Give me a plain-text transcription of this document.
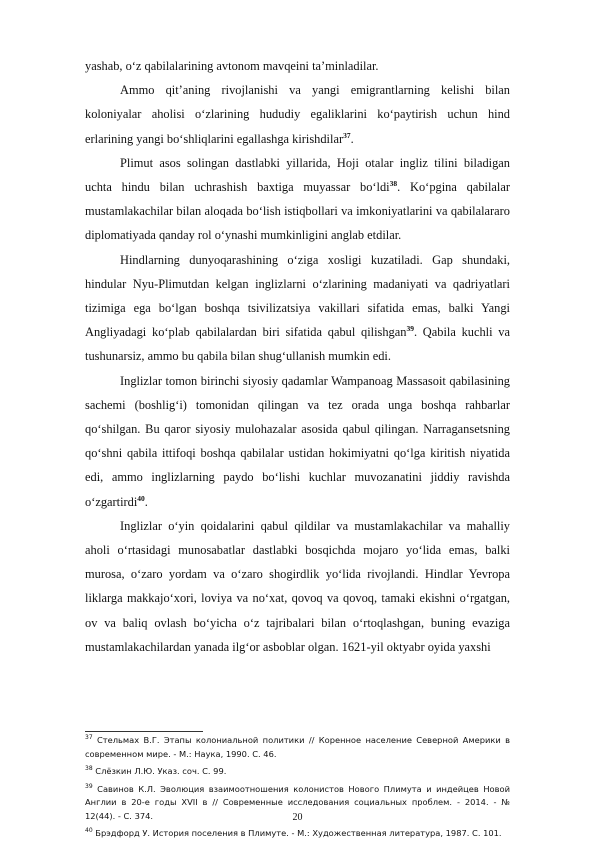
yashab, o‘z qabilalarining avtonom mavqeini ta’minladilar.

Ammo qit’aning rivojlanishi va yangi emigrantlarning kelishi bilan koloniyalar aholisi o‘zlarining hududiy egaliklarini ko‘paytirish uchun hind erlarining yangi bo‘shliqlarini egallashga kirishdilar$^{37}$.

Plimut asos solingan dastlabki yillarida, Hoji otalar ingliz tilini biladigan uchta hindu bilan uchrashish baxtiga muyassar bo‘ldi$^{38}$. Ko‘pgina qabilalar mustamlakachilar bilan aloqada bo‘lish istiqbollari va imkoniyatlarini va qabilalararo diplomatiyada qanday rol o‘ynashi mumkinligini anglab etdilar.

Hindlarning dunyoqarashining o‘ziga xosligi kuzatiladi. Gap shundaki, hindular Nyu-Plimutdan kelgan inglizlarni o‘zlarining madaniyati va qadriyatlari tizimiga ega bo‘lgan boshqa tsivilizatsiya vakillari sifatida emas, balki Yangi Angliyadagi ko‘plab qabilalardan biri sifatida qabul qilishgan$^{39}$. Qabila kuchli va tushunarsiz, ammo bu qabila bilan shug‘ullanish mumkin edi.

Inglizlar tomon birinchi siyosiy qadamlar Wampanoag Massasoit qabilasining sachemi (boshlig‘i) tomonidan qilingan va tez orada unga boshqa rahbarlar qo‘shilgan. Bu qaror siyosiy mulohazalar asosida qabul qilingan. Narragansetsning qo‘shni qabila ittifoqi boshqa qabilalar ustidan hokimiyatni qo‘lga kiritish niyatida edi, ammo inglizlarning paydo bo‘lishi kuchlar muvozanatini jiddiy ravishda o‘zgartirdi$^{40}$.

Inglizlar o‘yin qoidalarini qabul qildilar va mustamlakachilar va mahalliy aholi o‘rtasidagi munosabatlar dastlabki bosqichda mojaro yo‘lida emas, balki murosa, o‘zaro yordam va o‘zaro shogirdlik yo‘lida rivojlandi. Hindlar Yevropa liklarga makkajo‘xori, loviya va no‘xat, qovoq va qovoq, tamaki ekishni o‘rgatgan, ov va baliq ovlash bo‘yicha o‘z tajribalari bilan o‘rtoqlashgan, buning evaziga mustamlakachilardan yanada ilg‘or asboblar olgan. 1621-yil oktyabr oyida yaxshi

$^{37}$ Стельмах В.Г. Этапы колониальной политики // Коренное население Северной Америки в современном мире. - М.: Наука, 1990. С. 46.

$^{38}$ Слёзкин Л.Ю. Указ. соч. С. 99.

$^{39}$ Савинов К.Л. Эволюция взаимоотношения колонистов Нового Плимута и индейцев Новой Англии в 20-е годы XVII в // Современные исследования социальных проблем. - 2014. - № 12(44). - С. 374.

$^{40}$ Брэдфорд У. История поселения в Плимуте. - М.: Художественная литература, 1987. С. 101.

20
